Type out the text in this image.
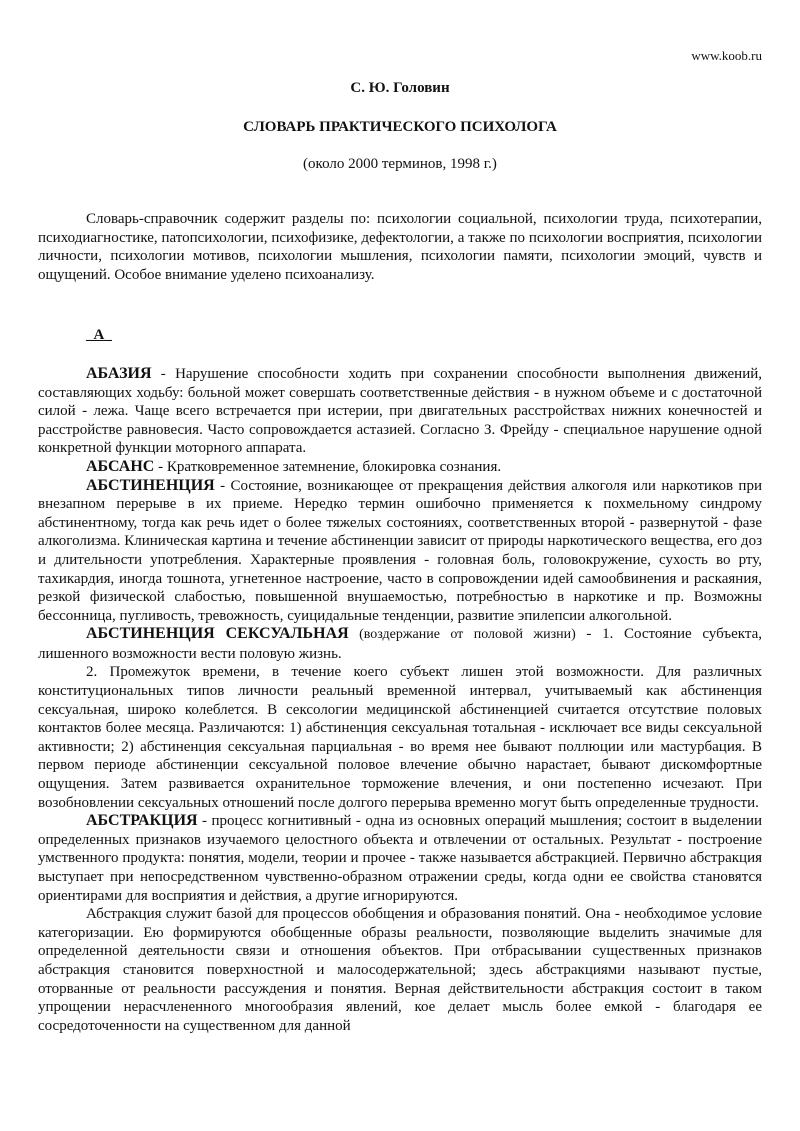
www.koob.ru
С. Ю. Головин
СЛОВАРЬ ПРАКТИЧЕСКОГО ПСИХОЛОГА
(около 2000 терминов, 1998 г.)

Словарь-справочник содержит разделы по: психологии социальной, психологии труда, психотерапии, психодиагностике, патопсихологии, психофизике, дефектологии, а также по психологии восприятия, психологии личности, психологии мотивов, психологии мышления, психологии памяти, психологии эмоций, чувств и ощущений. Особое внимание уделено психоанализу.

_А_

АБАЗИЯ - Нарушение способности ходить при сохранении способности выполнения движений, составляющих ходьбу: больной может совершать соответственные действия - в нужном объеме и с достаточной силой - лежа. Чаще всего встречается при истерии, при двигательных расстройствах нижних конечностей и расстройстве равновесия. Часто сопровождается астазией. Согласно З. Фрейду - специальное нарушение одной конкретной функции моторного аппарата.

АБСАНС - Кратковременное затемнение, блокировка сознания.

АБСТИНЕНЦИЯ - Состояние, возникающее от прекращения действия алкоголя или наркотиков при внезапном перерыве в их приеме. Нередко термин ошибочно применяется к похмельному синдрому абстинентному, тогда как речь идет о более тяжелых состояниях, соответственных второй - развернутой - фазе алкоголизма. Клиническая картина и течение абстиненции зависит от природы наркотического вещества, его доз и длительности употребления. Характерные проявления - головная боль, головокружение, сухость во рту, тахикардия, иногда тошнота, угнетенное настроение, часто в сопровождении идей самообвинения и раскаяния, резкой физической слабостью, повышенной внушаемостью, потребностью в наркотике и пр. Возможны бессонница, пугливость, тревожность, суицидальные тенденции, развитие эпилепсии алкогольной.

АБСТИНЕНЦИЯ СЕКСУАЛЬНАЯ (воздержание от половой жизни) - 1. Состояние субъекта, лишенного возможности вести половую жизнь.

2. Промежуток времени, в течение коего субъект лишен этой возможности. Для различных конституциональных типов личности реальный временной интервал, учитываемый как абстиненция сексуальная, широко колеблется. В сексологии медицинской абстиненцией считается отсутствие половых контактов более месяца. Различаются: 1) абстиненция сексуальная тотальная - исключает все виды сексуальной активности; 2) абстиненция сексуальная парциальная - во время нее бывают поллюции или мастурбация. В первом периоде абстиненции сексуальной половое влечение обычно нарастает, бывают дискомфортные ощущения. Затем развивается охранительное торможение влечения, и они постепенно исчезают. При возобновлении сексуальных отношений после долгого перерыва временно могут быть определенные трудности.

АБСТРАКЦИЯ - процесс когнитивный - одна из основных операций мышления; состоит в выделении определенных признаков изучаемого целостного объекта и отвлечении от остальных. Результат - построение умственного продукта: понятия, модели, теории и прочее - также называется абстракцией. Первично абстракция выступает при непосредственном чувственно-образном отражении среды, когда одни ее свойства становятся ориентирами для восприятия и действия, а другие игнорируются.

Абстракция служит базой для процессов обобщения и образования понятий. Она - необходимое условие категоризации. Ею формируются обобщенные образы реальности, позволяющие выделить значимые для определенной деятельности связи и отношения объектов. При отбрасывании существенных признаков абстракция становится поверхностной и малосодержательной; здесь абстракциями называют пустые, оторванные от реальности рассуждения и понятия. Верная действительности абстракция состоит в таком упрощении нерасчлененного многообразия явлений, кое делает мысль более емкой - благодаря ее сосредоточенности на существенном для данной
